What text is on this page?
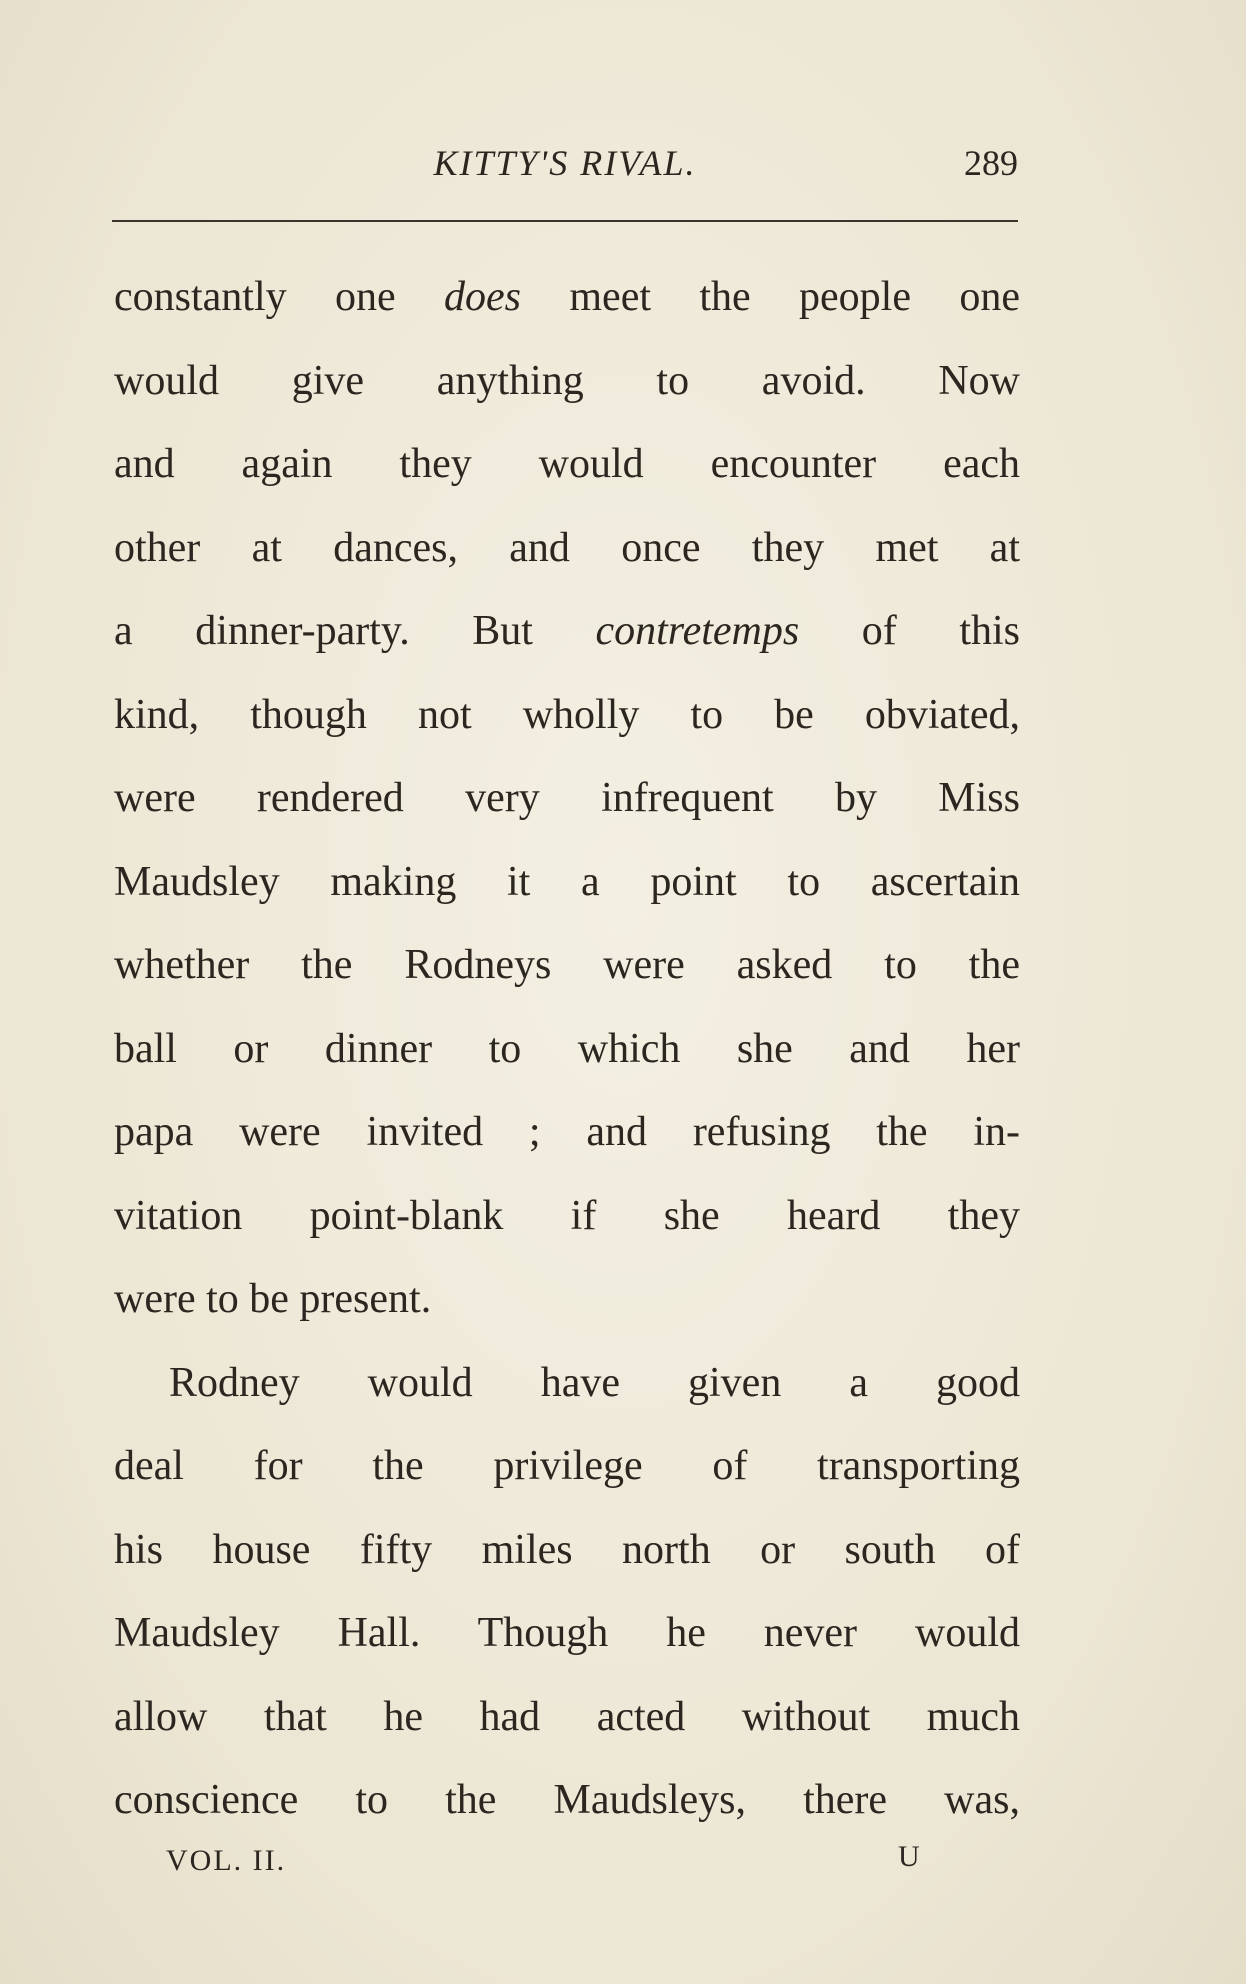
KITTY'S RIVAL.	289
constantly one does meet the people one
would give anything to avoid. Now
and again they would encounter each
other at dances, and once they met at
a dinner-party. But contretemps of this
kind, though not wholly to be obviated,
were rendered very infrequent by Miss
Maudsley making it a point to ascertain
whether the Rodneys were asked to the
ball or dinner to which she and her
papa were invited ; and refusing the in-
vitation point-blank if she heard they
were to be present.
Rodney would have given a good
deal for the privilege of transporting
his house fifty miles north or south of
Maudsley Hall. Though he never would
allow that he had acted without much
conscience to the Maudsleys, there was,
VOL. II.	U
